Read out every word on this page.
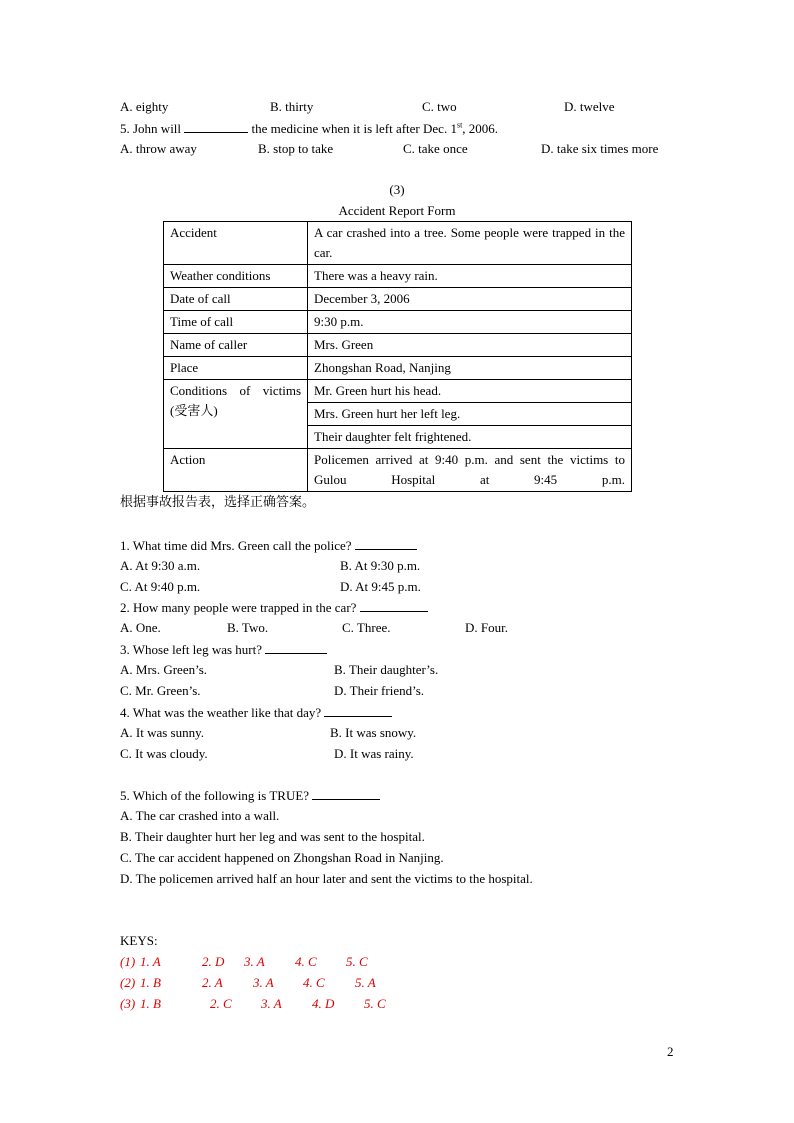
A. eighty	B. thirty	C. two	D. twelve
5. John will	the medicine when it is left after Dec. 1st, 2006.
A. throw away	B. stop to take	C. take once	D. take six times more
(3)
Accident Report Form
Accident	A car crashed into a tree. Some people were trapped in the car.
Weather conditions	There was a heavy rain.
Date of call	December 3, 2006
Time of call	9:30 p.m.
Name of caller	Mrs. Green
Place	Zhongshan Road, Nanjing

Conditions of victims
(受害人)	Mr. Green hurt his head.
	Mrs. Green hurt her left leg.
	Their daughter felt frightened.
Action	Policemen arrived at 9:40 p.m. and sent the victims to Gulou Hospital at 9:45 p.m.
根据事故报告表，选择正确答案。
1. What time did Mrs. Green call the police?
A. At 9:30 a.m.	B. At 9:30 p.m.
C. At 9:40 p.m.	D. At 9:45 p.m.
2. How many people were trapped in the car?
A. One.	B. Two.	C. Three.	D. Four.
3. Whose left leg was hurt?
A. Mrs. Green’s.	B. Their daughter’s.
C. Mr. Green’s.	D. Their friend’s.
4. What was the weather like that day?
A. It was sunny.	B. It was snowy.
C. It was cloudy.	D. It was rainy.
5. Which of the following is TRUE?
A. The car crashed into a wall.
B. Their daughter hurt her leg and was sent to the hospital.
C. The car accident happened on Zhongshan Road in Nanjing.
D. The policemen arrived half an hour later and sent the victims to the hospital.
KEYS:
(1) 1. A	2. D 3. A 4. C 5. C
(2) 1. B	2. A 3. A 4. C 5. A
(3) 1. B	2. C 3. A 4. D 5. C
2
